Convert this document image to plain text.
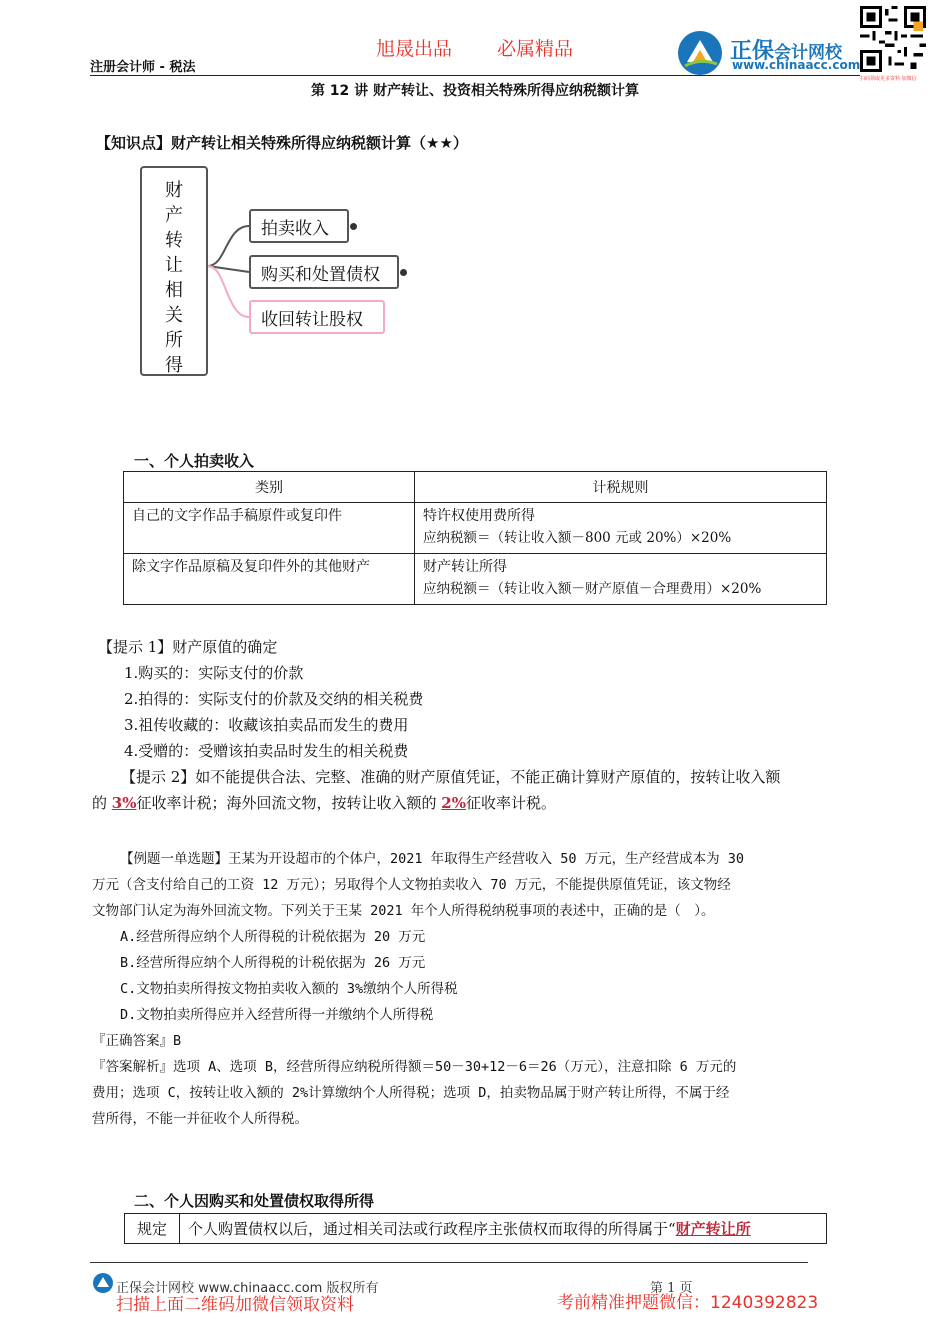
旭晟出品 必属精品
注册会计师 - 税法
正保会计网校
www.chinaacc.com
扫码领取更多资料 加微信
第 12 讲 财产转让、投资相关特殊所得应纳税额计算
【知识点】财产转让相关特殊所得应纳税额计算（★★）
财
产
转
让
相
关
所
得
拍卖收入
购买和处置债权
收回转让股权
一、个人拍卖收入
类别	计税规则
自己的文字作品手稿原件或复印件	特许权使用费所得
应纳税额＝（转让收入额－800 元或 20%）×20%

除文字作品原稿及复印件外的其他财产	财产转让所得
应纳税额＝（转让收入额－财产原值－合理费用）×20%
【提示 1】财产原值的确定
1.购买的：实际支付的价款
2.拍得的：实际支付的价款及交纳的相关税费
3.祖传收藏的：收藏该拍卖品而发生的费用
4.受赠的：受赠该拍卖品时发生的相关税费
【提示 2】如不能提供合法、完整、准确的财产原值凭证，不能正确计算财产原值的，按转让收入额
的 3%征收率计税；海外回流文物，按转让收入额的 2%征收率计税。
【例题一单选题】王某为开设超市的个体户，2021 年取得生产经营收入 50 万元，生产经营成本为 30
万元（含支付给自己的工资 12 万元）；另取得个人文物拍卖收入 70 万元，不能提供原值凭证，该文物经
文物部门认定为海外回流文物。下列关于王某 2021 年个人所得税纳税事项的表述中，正确的是（　）。
A.经营所得应纳个人所得税的计税依据为 20 万元
B.经营所得应纳个人所得税的计税依据为 26 万元
C.文物拍卖所得按文物拍卖收入额的 3%缴纳个人所得税
D.文物拍卖所得应并入经营所得一并缴纳个人所得税
『正确答案』B
『答案解析』选项 A、选项 B，经营所得应纳税所得额＝50－30+12－6＝26（万元），注意扣除 6 万元的
费用；选项 C，按转让收入额的 2%计算缴纳个人所得税；选项 D，拍卖物品属于财产转让所得，不属于经
营所得，不能一并征收个人所得税。
二、个人因购买和处置债权取得所得
规定	个人购置债权以后，通过相关司法或行政程序主张债权而取得的所得属于“财产转让所
正保会计网校 www.chinaacc.com 版权所有	第 1 页
扫描上面二维码加微信领取资料	考前精准押题微信：1240392823
